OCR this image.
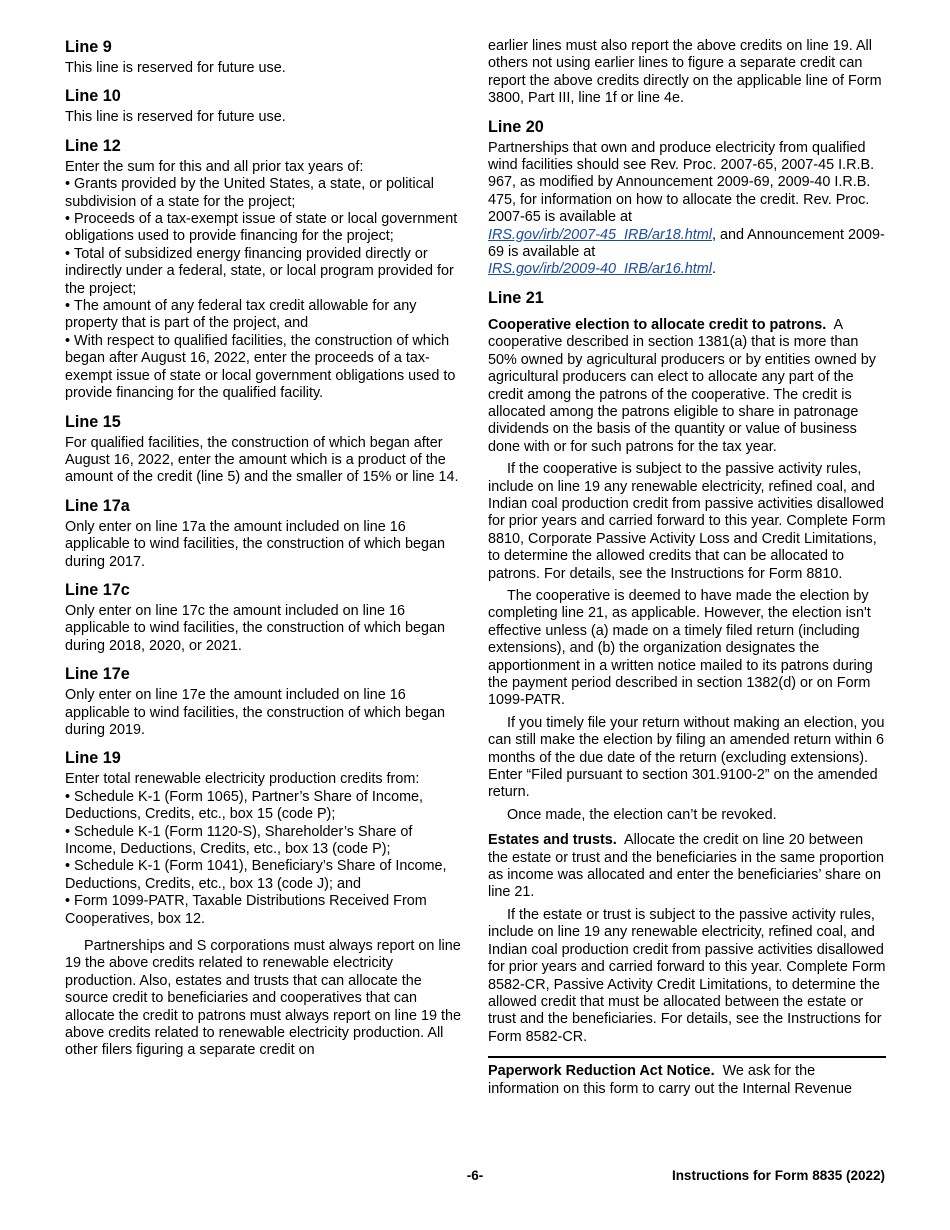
Line 9

This line is reserved for future use.

Line 10

This line is reserved for future use.

Line 12

Enter the sum for this and all prior tax years of:

• Grants provided by the United States, a state, or political subdivision of a state for the project;

• Proceeds of a tax-exempt issue of state or local government obligations used to provide financing for the project;

• Total of subsidized energy financing provided directly or indirectly under a federal, state, or local program provided for the project;

• The amount of any federal tax credit allowable for any property that is part of the project, and

• With respect to qualified facilities, the construction of which began after August 16, 2022, enter the proceeds of a tax-exempt issue of state or local government obligations used to provide financing for the qualified facility.

Line 15

For qualified facilities, the construction of which began after August 16, 2022, enter the amount which is a product of the amount of the credit (line 5) and the smaller of 15% or line 14.

Line 17a

Only enter on line 17a the amount included on line 16 applicable to wind facilities, the construction of which began during 2017.

Line 17c

Only enter on line 17c the amount included on line 16 applicable to wind facilities, the construction of which began during 2018, 2020, or 2021.

Line 17e

Only enter on line 17e the amount included on line 16 applicable to wind facilities, the construction of which began during 2019.

Line 19

Enter total renewable electricity production credits from:

• Schedule K-1 (Form 1065), Partner’s Share of Income, Deductions, Credits, etc., box 15 (code P);

• Schedule K-1 (Form 1120-S), Shareholder’s Share of Income, Deductions, Credits, etc., box 13 (code P);

• Schedule K-1 (Form 1041), Beneficiary’s Share of Income, Deductions, Credits, etc., box 13 (code J); and

• Form 1099-PATR, Taxable Distributions Received From Cooperatives, box 12.

Partnerships and S corporations must always report on line 19 the above credits related to renewable electricity production. Also, estates and trusts that can allocate the source credit to beneficiaries and cooperatives that can allocate the credit to patrons must always report on line 19 the above credits related to renewable electricity production. All other filers figuring a separate credit on

earlier lines must also report the above credits on line 19. All others not using earlier lines to figure a separate credit can report the above credits directly on the applicable line of Form 3800, Part III, line 1f or line 4e.

Line 20

Partnerships that own and produce electricity from qualified wind facilities should see Rev. Proc. 2007-65, 2007-45 I.R.B. 967, as modified by Announcement 2009-69, 2009-40 I.R.B. 475, for information on how to allocate the credit. Rev. Proc. 2007-65 is available at
IRS.gov/irb/2007-45_IRB/ar18.html, and Announcement 2009-69 is available at
IRS.gov/irb/2009-40_IRB/ar16.html.

Line 21

Cooperative election to allocate credit to patrons. A cooperative described in section 1381(a) that is more than 50% owned by agricultural producers or by entities owned by agricultural producers can elect to allocate any part of the credit among the patrons of the cooperative. The credit is allocated among the patrons eligible to share in patronage dividends on the basis of the quantity or value of business done with or for such patrons for the tax year.

If the cooperative is subject to the passive activity rules, include on line 19 any renewable electricity, refined coal, and Indian coal production credit from passive activities disallowed for prior years and carried forward to this year. Complete Form 8810, Corporate Passive Activity Loss and Credit Limitations, to determine the allowed credits that can be allocated to patrons. For details, see the Instructions for Form 8810.

The cooperative is deemed to have made the election by completing line 21, as applicable. However, the election isn't effective unless (a) made on a timely filed return (including extensions), and (b) the organization designates the apportionment in a written notice mailed to its patrons during the payment period described in section 1382(d) or on Form 1099-PATR.

If you timely file your return without making an election, you can still make the election by filing an amended return within 6 months of the due date of the return (excluding extensions). Enter “Filed pursuant to section 301.9100-2” on the amended return.

Once made, the election can’t be revoked.

Estates and trusts. Allocate the credit on line 20 between the estate or trust and the beneficiaries in the same proportion as income was allocated and enter the beneficiaries’ share on line 21.

If the estate or trust is subject to the passive activity rules, include on line 19 any renewable electricity, refined coal, and Indian coal production credit from passive activities disallowed for prior years and carried forward to this year. Complete Form 8582-CR, Passive Activity Credit Limitations, to determine the allowed credit that must be allocated between the estate or trust and the beneficiaries. For details, see the Instructions for Form 8582-CR.

Paperwork Reduction Act Notice. We ask for the information on this form to carry out the Internal Revenue

-6-	Instructions for Form 8835 (2022)
